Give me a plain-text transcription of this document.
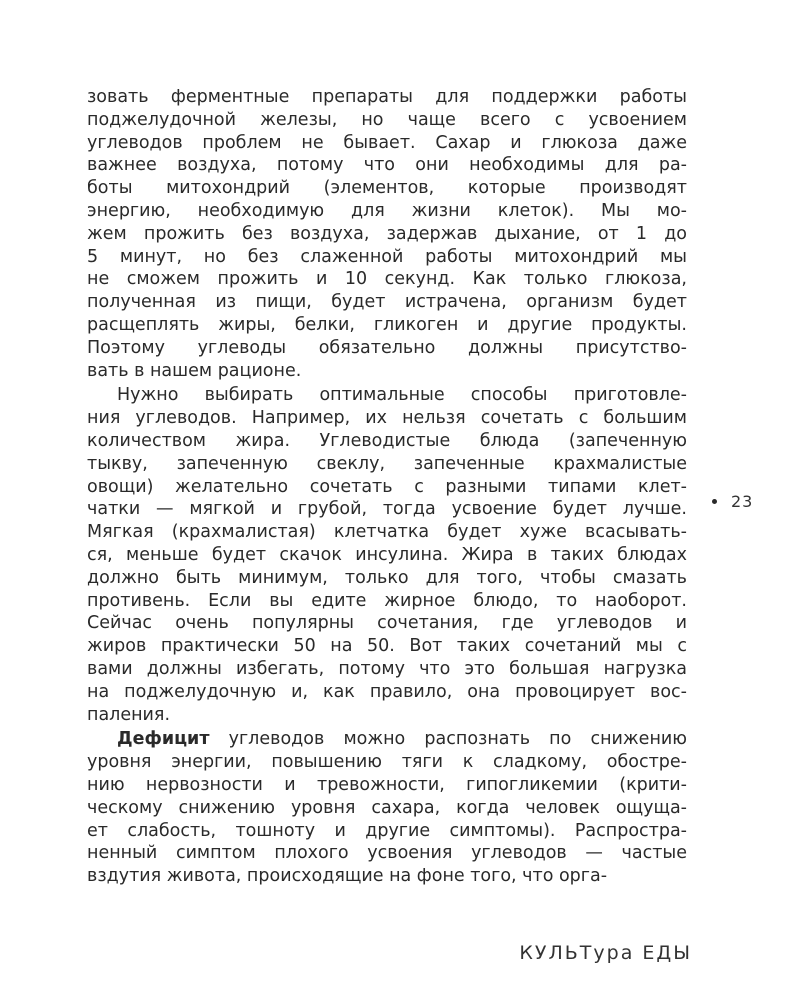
зовать ферментные препараты для поддержки работы
поджелудочной железы, но чаще всего с усвоением
углеводов проблем не бывает. Сахар и глюкоза даже
важнее воздуха, потому что они необходимы для ра-
боты митохондрий (элементов, которые производят
энергию, необходимую для жизни клеток). Мы мо-
жем прожить без воздуха, задержав дыхание, от 1 до
5 минут, но без слаженной работы митохондрий мы
не сможем прожить и 10 секунд. Как только глюкоза,
полученная из пищи, будет истрачена, организм будет
расщеплять жиры, белки, гликоген и другие продукты.
Поэтому углеводы обязательно должны присутство-
вать в нашем рационе.
Нужно выбирать оптимальные способы приготовле-
ния углеводов. Например, их нельзя сочетать с большим
количеством жира. Углеводистые блюда (запеченную
тыкву, запеченную свеклу, запеченные крахмалистые
овощи) желательно сочетать с разными типами клет-
чатки — мягкой и грубой, тогда усвоение будет лучше.
Мягкая (крахмалистая) клетчатка будет хуже всасывать-
ся, меньше будет скачок инсулина. Жира в таких блюдах
должно быть минимум, только для того, чтобы смазать
противень. Если вы едите жирное блюдо, то наоборот.
Сейчас очень популярны сочетания, где углеводов и
жиров практически 50 на 50. Вот таких сочетаний мы с
вами должны избегать, потому что это большая нагрузка
на поджелудочную и, как правило, она провоцирует вос-
паления.
Дефицит углеводов можно распознать по снижению
уровня энергии, повышению тяги к сладкому, обостре-
нию нервозности и тревожности, гипогликемии (крити-
ческому снижению уровня сахара, когда человек ощуща-
ет слабость, тошноту и другие симптомы). Распростра-
ненный симптом плохого усвоения углеводов — частые
вздутия живота, происходящие на фоне того, что орга-
23
КУЛЬТура ЕДЫ
